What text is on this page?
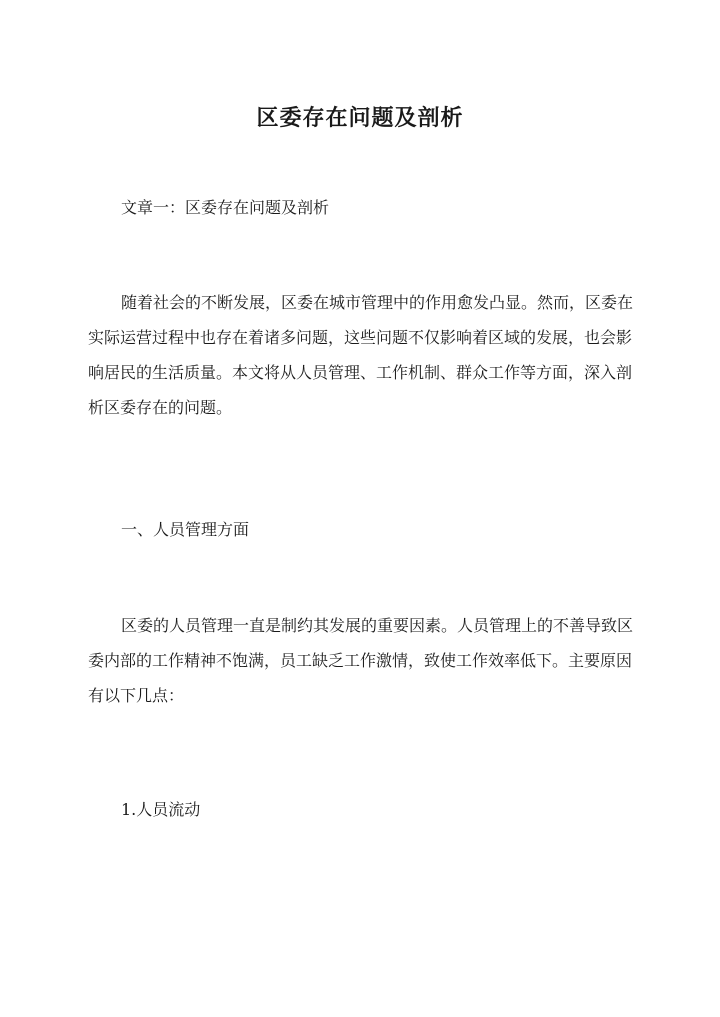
区委存在问题及剖析

文章一：区委存在问题及剖析

随着社会的不断发展，区委在城市管理中的作用愈发凸显。然而，区委在实际运营过程中也存在着诸多问题，这些问题不仅影响着区域的发展，也会影响居民的生活质量。本文将从人员管理、工作机制、群众工作等方面，深入剖析区委存在的问题。

一、人员管理方面

区委的人员管理一直是制约其发展的重要因素。人员管理上的不善导致区委内部的工作精神不饱满，员工缺乏工作激情，致使工作效率低下。主要原因有以下几点：

1.人员流动
